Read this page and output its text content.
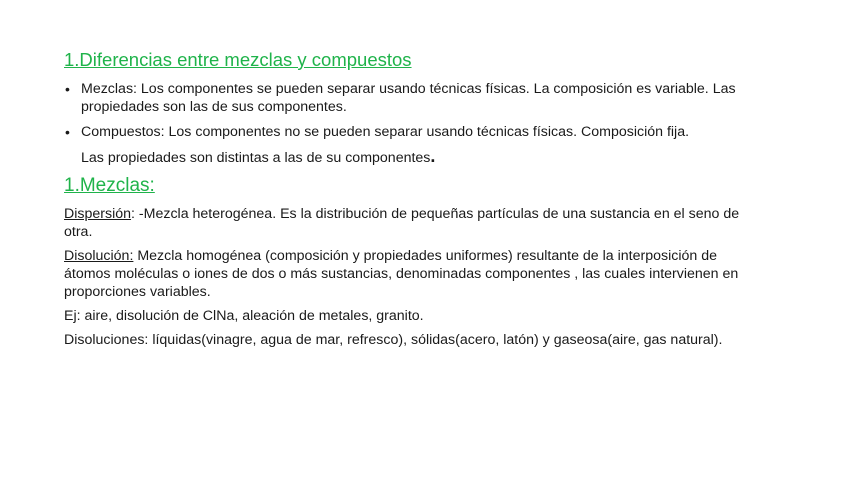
1.Diferencias entre mezclas y compuestos
• Mezclas: Los componentes se pueden separar usando técnicas físicas. La composición es variable. Las propiedades son las de sus componentes.
• Compuestos: Los componentes no se pueden separar usando técnicas físicas. Composición fija.
Las propiedades son distintas a las de su componentes.
1.Mezclas:

Dispersión: -Mezcla heterogénea. Es la distribución de pequeñas partículas de una sustancia en el seno de otra.

Disolución: Mezcla homogénea (composición y propiedades uniformes) resultante de la interposición de átomos moléculas o iones de dos o más sustancias, denominadas componentes , las cuales intervienen en proporciones variables.

Ej: aire, disolución de ClNa, aleación de metales, granito.

Disoluciones: líquidas(vinagre, agua de mar, refresco), sólidas(acero, latón) y gaseosa(aire, gas natural).
